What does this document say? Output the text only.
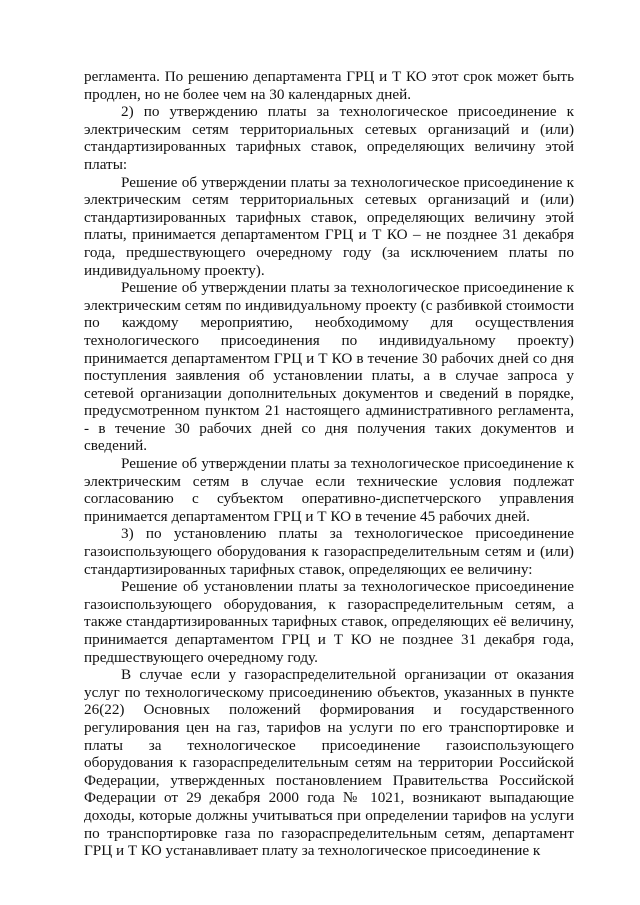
регламента. По решению департамента ГРЦ и Т КО этот срок может быть продлен, но не более чем на 30 календарных дней.

2) по утверждению платы за технологическое присоединение к электрическим сетям территориальных сетевых организаций и (или) стандартизированных тарифных ставок, определяющих величину этой платы:

Решение об утверждении платы за технологическое присоединение к электрическим сетям территориальных сетевых организаций и (или) стандартизированных тарифных ставок, определяющих величину этой платы, принимается департаментом ГРЦ и Т КО – не позднее 31 декабря года, предшествующего очередному году (за исключением платы по индивидуальному проекту).

Решение об утверждении платы за технологическое присоединение к электрическим сетям по индивидуальному проекту (с разбивкой стоимости по каждому мероприятию, необходимому для осуществления технологического присоединения по индивидуальному проекту) принимается департаментом ГРЦ и Т КО в течение 30 рабочих дней со дня поступления заявления об установлении платы, а в случае запроса у сетевой организации дополнительных документов и сведений в порядке, предусмотренном пунктом 21 настоящего административного регламента, - в течение 30 рабочих дней со дня получения таких документов и сведений.

Решение об утверждении платы за технологическое присоединение к электрическим сетям в случае если технические условия подлежат согласованию с субъектом оперативно-диспетчерского управления принимается департаментом ГРЦ и Т КО в течение 45 рабочих дней.

3) по установлению платы за технологическое присоединение газоиспользующего оборудования к газораспределительным сетям и (или) стандартизированных тарифных ставок, определяющих ее величину:

Решение об установлении платы за технологическое присоединение газоиспользующего оборудования, к газораспределительным сетям, а также стандартизированных тарифных ставок, определяющих её величину, принимается департаментом ГРЦ и Т КО не позднее 31 декабря года, предшествующего очередному году.

В случае если у газораспределительной организации от оказания услуг по технологическому присоединению объектов, указанных в пункте 26(22) Основных положений формирования и государственного регулирования цен на газ, тарифов на услуги по его транспортировке и платы за технологическое присоединение газоиспользующего оборудования к газораспределительным сетям на территории Российской Федерации, утвержденных постановлением Правительства Российской Федерации от 29 декабря 2000 года № 1021, возникают выпадающие доходы, которые должны учитываться при определении тарифов на услуги по транспортировке газа по газораспределительным сетям, департамент ГРЦ и Т КО устанавливает плату за технологическое присоединение к
